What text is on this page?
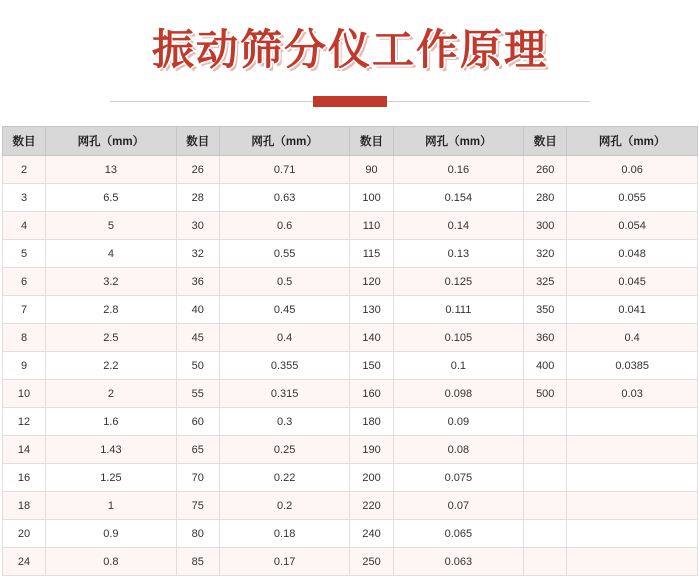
振动筛分仪工作原理
数目	网孔（mm）	数目	网孔（mm）	数目	网孔（mm）	数目	网孔（mm）
2	13	26	0.71	90	0.16	260	0.06
3	6.5	28	0.63	100	0.154	280	0.055
4	5	30	0.6	110	0.14	300	0.054
5	4	32	0.55	115	0.13	320	0.048
6	3.2	36	0.5	120	0.125	325	0.045
7	2.8	40	0.45	130	0.111	350	0.041
8	2.5	45	0.4	140	0.105	360	0.4
9	2.2	50	0.355	150	0.1	400	0.0385
10	2	55	0.315	160	0.098	500	0.03
12	1.6	60	0.3	180	0.09		
14	1.43	65	0.25	190	0.08		
16	1.25	70	0.22	200	0.075		
18	1	75	0.2	220	0.07		
20	0.9	80	0.18	240	0.065		
24	0.8	85	0.17	250	0.063		
